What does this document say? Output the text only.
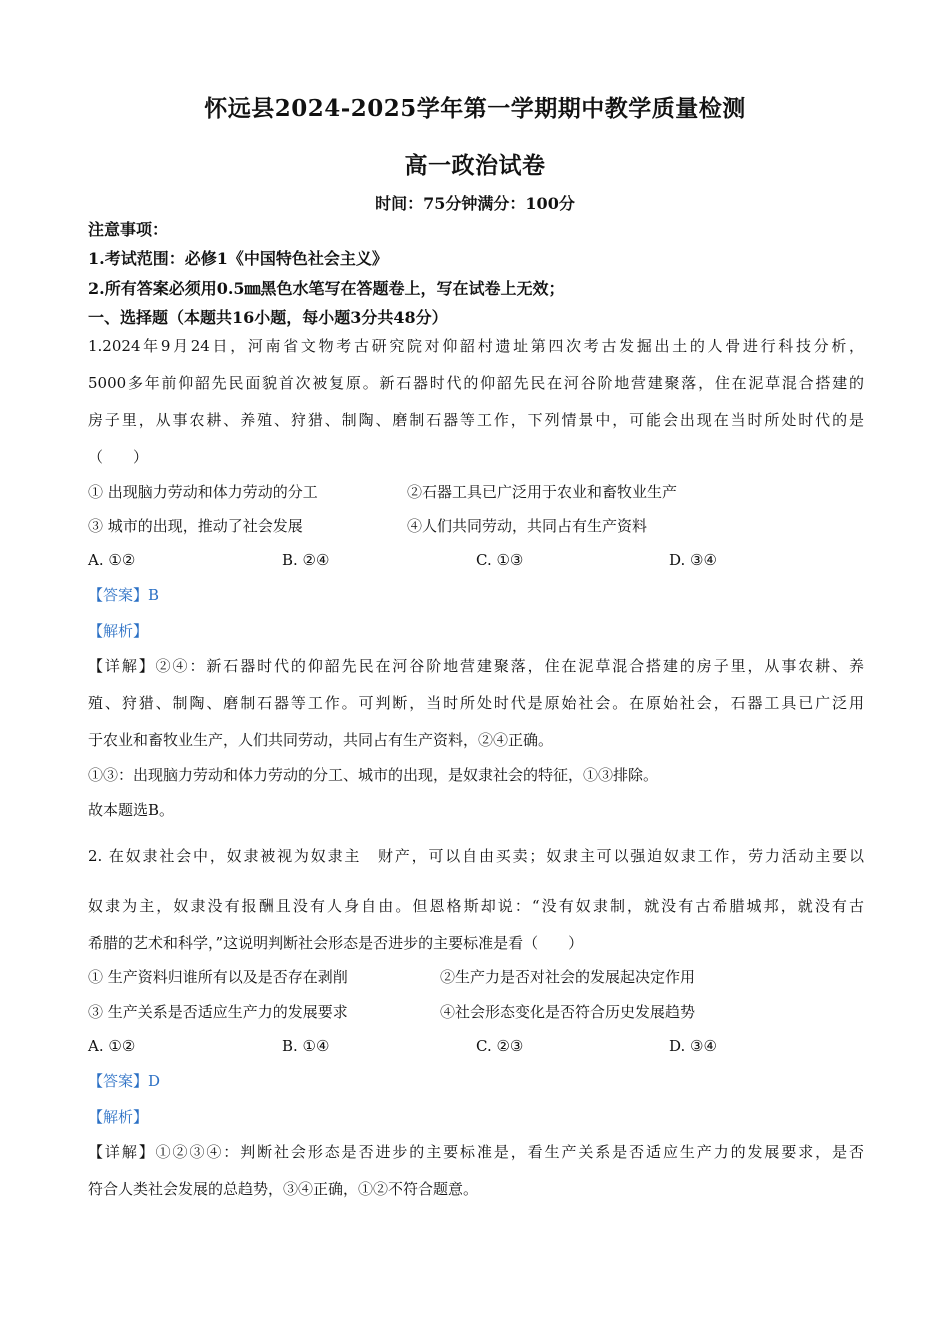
怀远县2024-2025学年第一学期期中教学质量检测
高一政治试卷
时间：75分钟满分：100分
注意事项：
1.考试范围：必修1《中国特色社会主义》
2.所有答案必须用0.5㎜黑色水笔写在答题卷上，写在试卷上无效；
一、选择题（本题共16小题，每小题3分共48分）
1.2024年9月24日，河南省文物考古研究院对仰韶村遗址第四次考古发掘出土的人骨进行科技分析，
5000多年前仰韶先民面貌首次被复原。新石器时代的仰韶先民在河谷阶地营建聚落，住在泥草混合搭建的
房子里，从事农耕、养殖、狩猎、制陶、磨制石器等工作，下列情景中，可能会出现在当时所处时代的是
（　　）
① 出现脑力劳动和体力劳动的分工	②石器工具已广泛用于农业和畜牧业生产
③ 城市的出现，推动了社会发展	④人们共同劳动，共同占有生产资料
A. ①②	B. ②④	C. ①③	D. ③④
【答案】B
【解析】
【详解】②④：新石器时代的仰韶先民在河谷阶地营建聚落，住在泥草混合搭建的房子里，从事农耕、养
殖、狩猎、制陶、磨制石器等工作。可判断，当时所处时代是原始社会。在原始社会，石器工具已广泛用
于农业和畜牧业生产，人们共同劳动，共同占有生产资料，②④正确。
①③：出现脑力劳动和体力劳动的分工、城市的出现，是奴隶社会的特征，①③排除。
故本题选B。
2. 在奴隶社会中，奴隶被视为奴隶主　财产，可以自由买卖；奴隶主可以强迫奴隶工作，劳力活动主要以
奴隶为主，奴隶没有报酬且没有人身自由。但恩格斯却说：“没有奴隶制，就没有古希腊城邦，就没有古
希腊的艺术和科学，”这说明判断社会形态是否进步的主要标准是看（　　）
① 生产资料归谁所有以及是否存在剥削	②生产力是否对社会的发展起决定作用
③ 生产关系是否适应生产力的发展要求	④社会形态变化是否符合历史发展趋势
A. ①②	B. ①④	C. ②③	D. ③④
【答案】D
【解析】
【详解】①②③④：判断社会形态是否进步的主要标准是，看生产关系是否适应生产力的发展要求，是否
符合人类社会发展的总趋势，③④正确，①②不符合题意。
